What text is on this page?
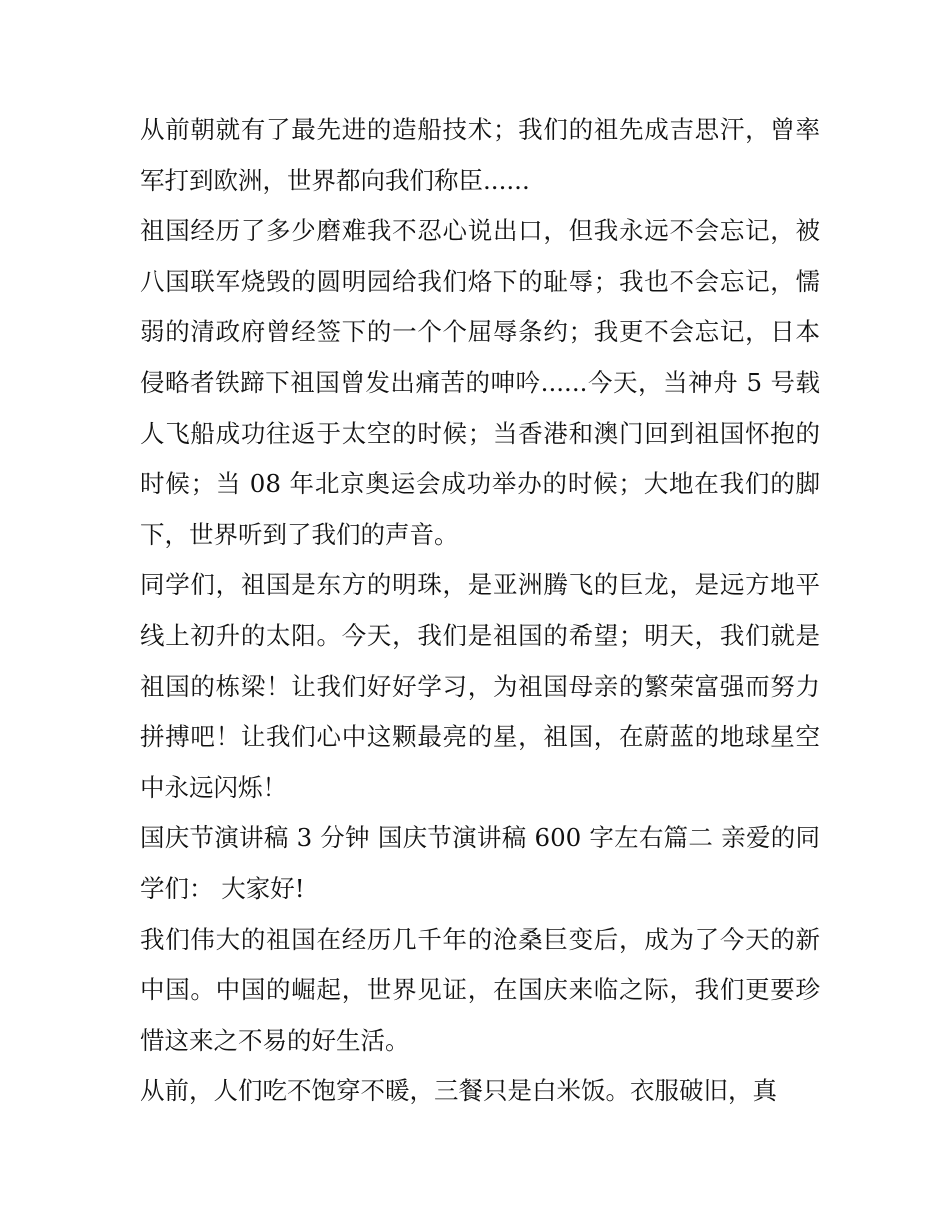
从前朝就有了最先进的造船技术；我们的祖先成吉思汗，曾率军打到欧洲，世界都向我们称臣......

祖国经历了多少磨难我不忍心说出口，但我永远不会忘记，被八国联军烧毁的圆明园给我们烙下的耻辱；我也不会忘记，懦弱的清政府曾经签下的一个个屈辱条约；我更不会忘记，日本侵略者铁蹄下祖国曾发出痛苦的呻吟......今天，当神舟 5 号载人飞船成功往返于太空的时候；当香港和澳门回到祖国怀抱的时候；当 08 年北京奥运会成功举办的时候；大地在我们的脚下，世界听到了我们的声音。

同学们，祖国是东方的明珠，是亚洲腾飞的巨龙，是远方地平线上初升的太阳。今天，我们是祖国的希望；明天，我们就是祖国的栋梁！让我们好好学习，为祖国母亲的繁荣富强而努力拼搏吧！让我们心中这颗最亮的星，祖国，在蔚蓝的地球星空中永远闪烁！

国庆节演讲稿 3 分钟 国庆节演讲稿 600 字左右篇二 亲爱的同学们： 大家好!

我们伟大的祖国在经历几千年的沧桑巨变后，成为了今天的新中国。中国的崛起，世界见证，在国庆来临之际，我们更要珍惜这来之不易的好生活。

从前，人们吃不饱穿不暖，三餐只是白米饭。衣服破旧，真
